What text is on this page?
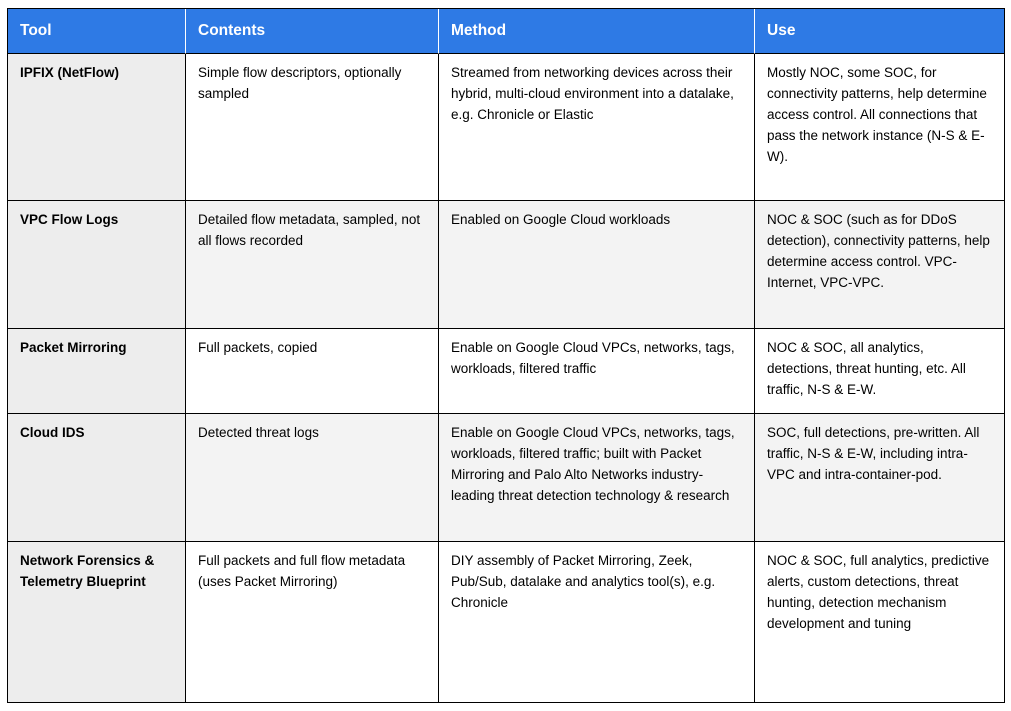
Tool	Contents	Method	Use
IPFIX (NetFlow)	Simple flow descriptors, optionally sampled	Streamed from networking devices across their hybrid, multi-cloud environment into a datalake, e.g. Chronicle or Elastic	Mostly NOC, some SOC, for connectivity patterns, help determine access control. All connections that pass the network instance (N-S & E-W).
VPC Flow Logs	Detailed flow metadata, sampled, not all flows recorded	Enabled on Google Cloud workloads	NOC & SOC (such as for DDoS detection), connectivity patterns, help determine access control. VPC-Internet, VPC-VPC.
Packet Mirroring	Full packets, copied	Enable on Google Cloud VPCs, networks, tags, workloads, filtered traffic	NOC & SOC, all analytics, detections, threat hunting, etc. All traffic, N-S & E-W.
Cloud IDS	Detected threat logs	Enable on Google Cloud VPCs, networks, tags, workloads, filtered traffic; built with Packet Mirroring and Palo Alto Networks industry-leading threat detection technology & research	SOC, full detections, pre-written. All traffic, N-S & E-W, including intra-VPC and intra-container-pod.
Network Forensics & Telemetry Blueprint	Full packets and full flow metadata (uses Packet Mirroring)	DIY assembly of Packet Mirroring, Zeek, Pub/Sub, datalake and analytics tool(s), e.g. Chronicle	NOC & SOC, full analytics, predictive alerts, custom detections, threat hunting, detection mechanism development and tuning
